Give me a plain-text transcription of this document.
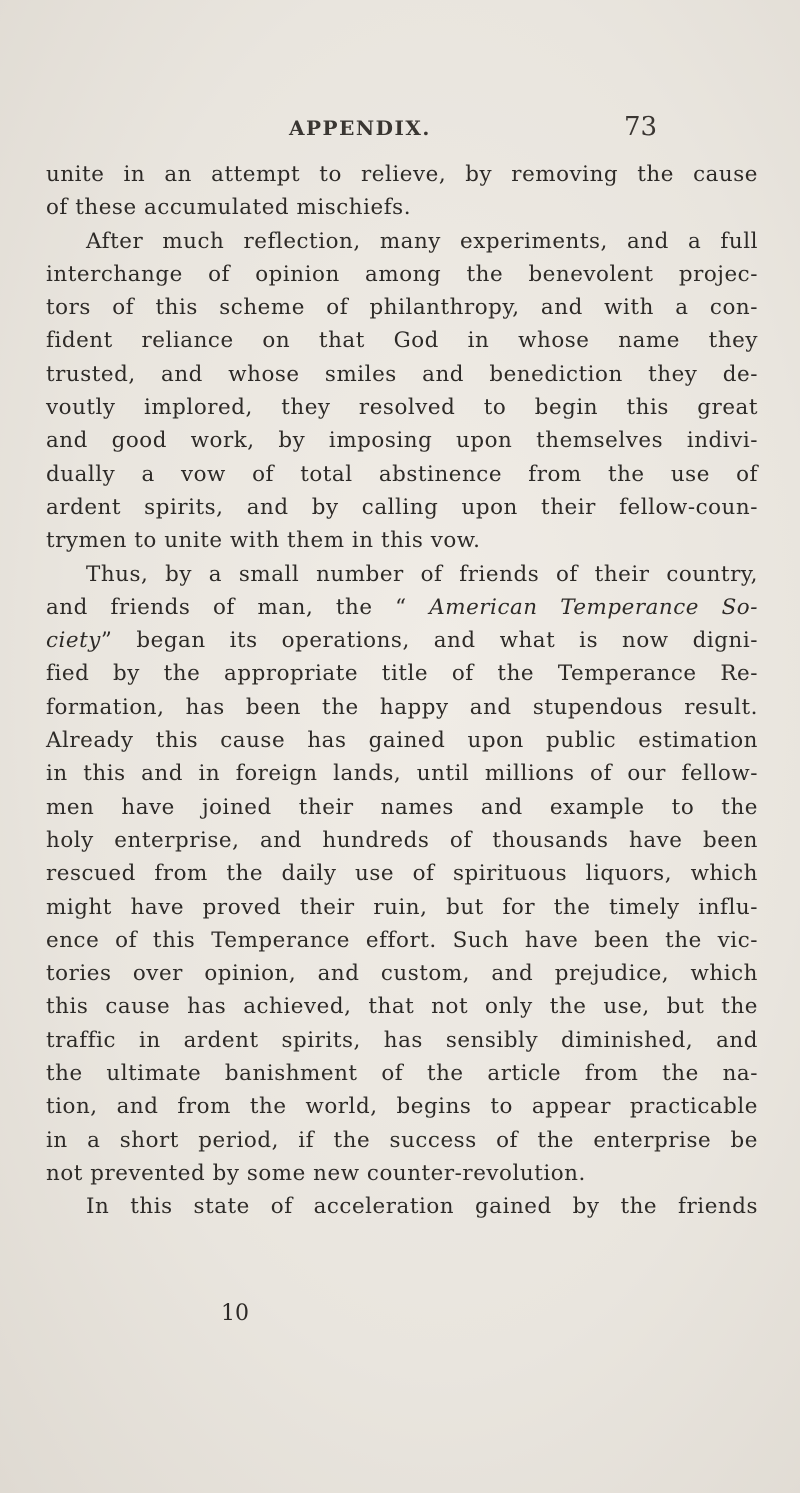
APPENDIX.	73
unite in an attempt to relieve, by removing the cause
of these accumulated mischiefs.
After much reflection, many experiments, and a full
interchange of opinion among the benevolent projec-
tors of this scheme of philanthropy, and with a con-
fident reliance on that God in whose name they
trusted, and whose smiles and benediction they de-
voutly implored, they resolved to begin this great
and good work, by imposing upon themselves indivi-
dually a vow of total abstinence from the use of
ardent spirits, and by calling upon their fellow-coun-
trymen to unite with them in this vow.
Thus, by a small number of friends of their country,
and friends of man, the “ American Temperance So-
ciety” began its operations, and what is now digni-
fied by the appropriate title of the Temperance Re-
formation, has been the happy and stupendous result.
Already this cause has gained upon public estimation
in this and in foreign lands, until millions of our fellow-
men have joined their names and example to the
holy enterprise, and hundreds of thousands have been
rescued from the daily use of spirituous liquors, which
might have proved their ruin, but for the timely influ-
ence of this Temperance effort. Such have been the vic-
tories over opinion, and custom, and prejudice, which
this cause has achieved, that not only the use, but the
traffic in ardent spirits, has sensibly diminished, and
the ultimate banishment of the article from the na-
tion, and from the world, begins to appear practicable
in a short period, if the success of the enterprise be
not prevented by some new counter-revolution.
In this state of acceleration gained by the friends
10
